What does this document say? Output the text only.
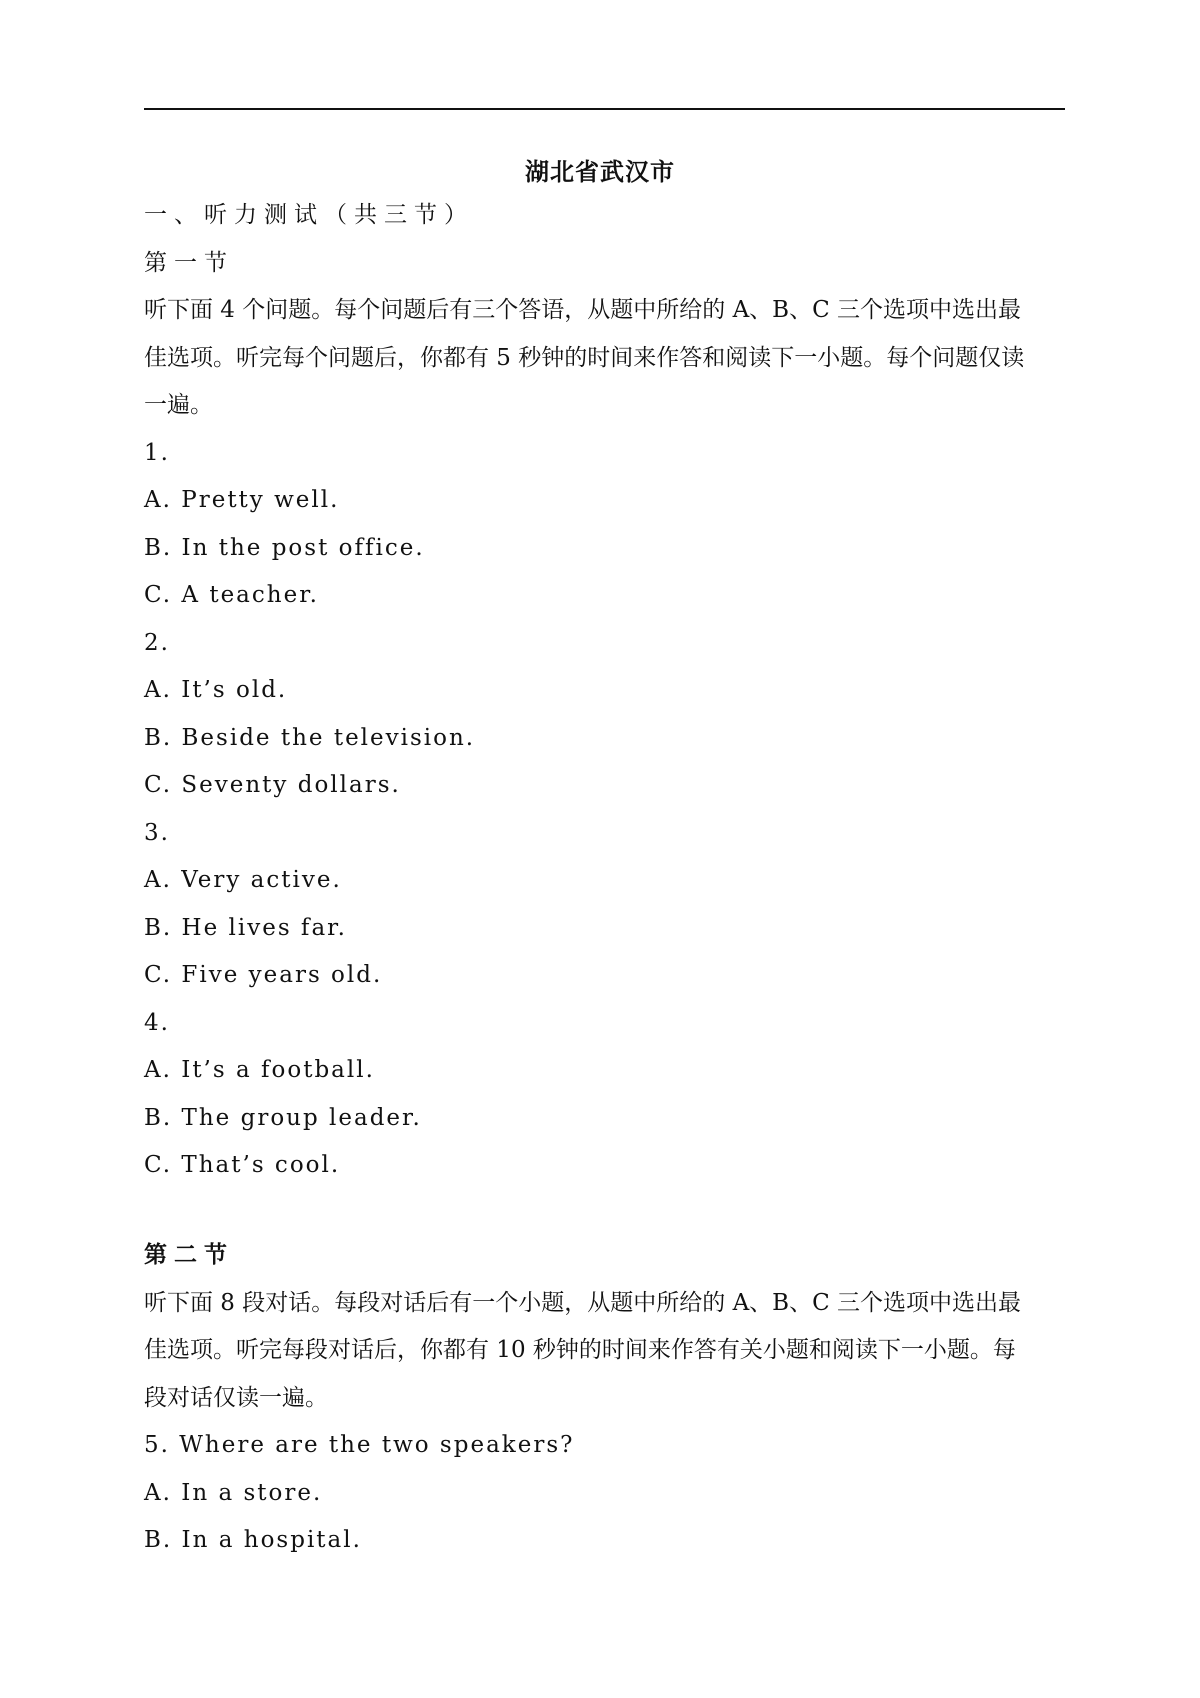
湖北省武汉市
一、听力测试（共三节）
第一节
听下面 4 个问题。每个问题后有三个答语，从题中所给的 A、B、C 三个选项中选出最
佳选项。听完每个问题后，你都有 5 秒钟的时间来作答和阅读下一小题。每个问题仅读
一遍。
1.
A. Pretty well.
B. In the post office.
C. A teacher.
2.
A. It’s old.
B. Beside the television.
C. Seventy dollars.
3.
A. Very active.
B. He lives far.
C. Five years old.
4.
A. It’s a football.
B. The group leader.
C. That’s cool.
第二节
听下面 8 段对话。每段对话后有一个小题，从题中所给的 A、B、C 三个选项中选出最
佳选项。听完每段对话后，你都有 10 秒钟的时间来作答有关小题和阅读下一小题。每
段对话仅读一遍。
5. Where are the two speakers?
A. In a store.
B. In a hospital.
